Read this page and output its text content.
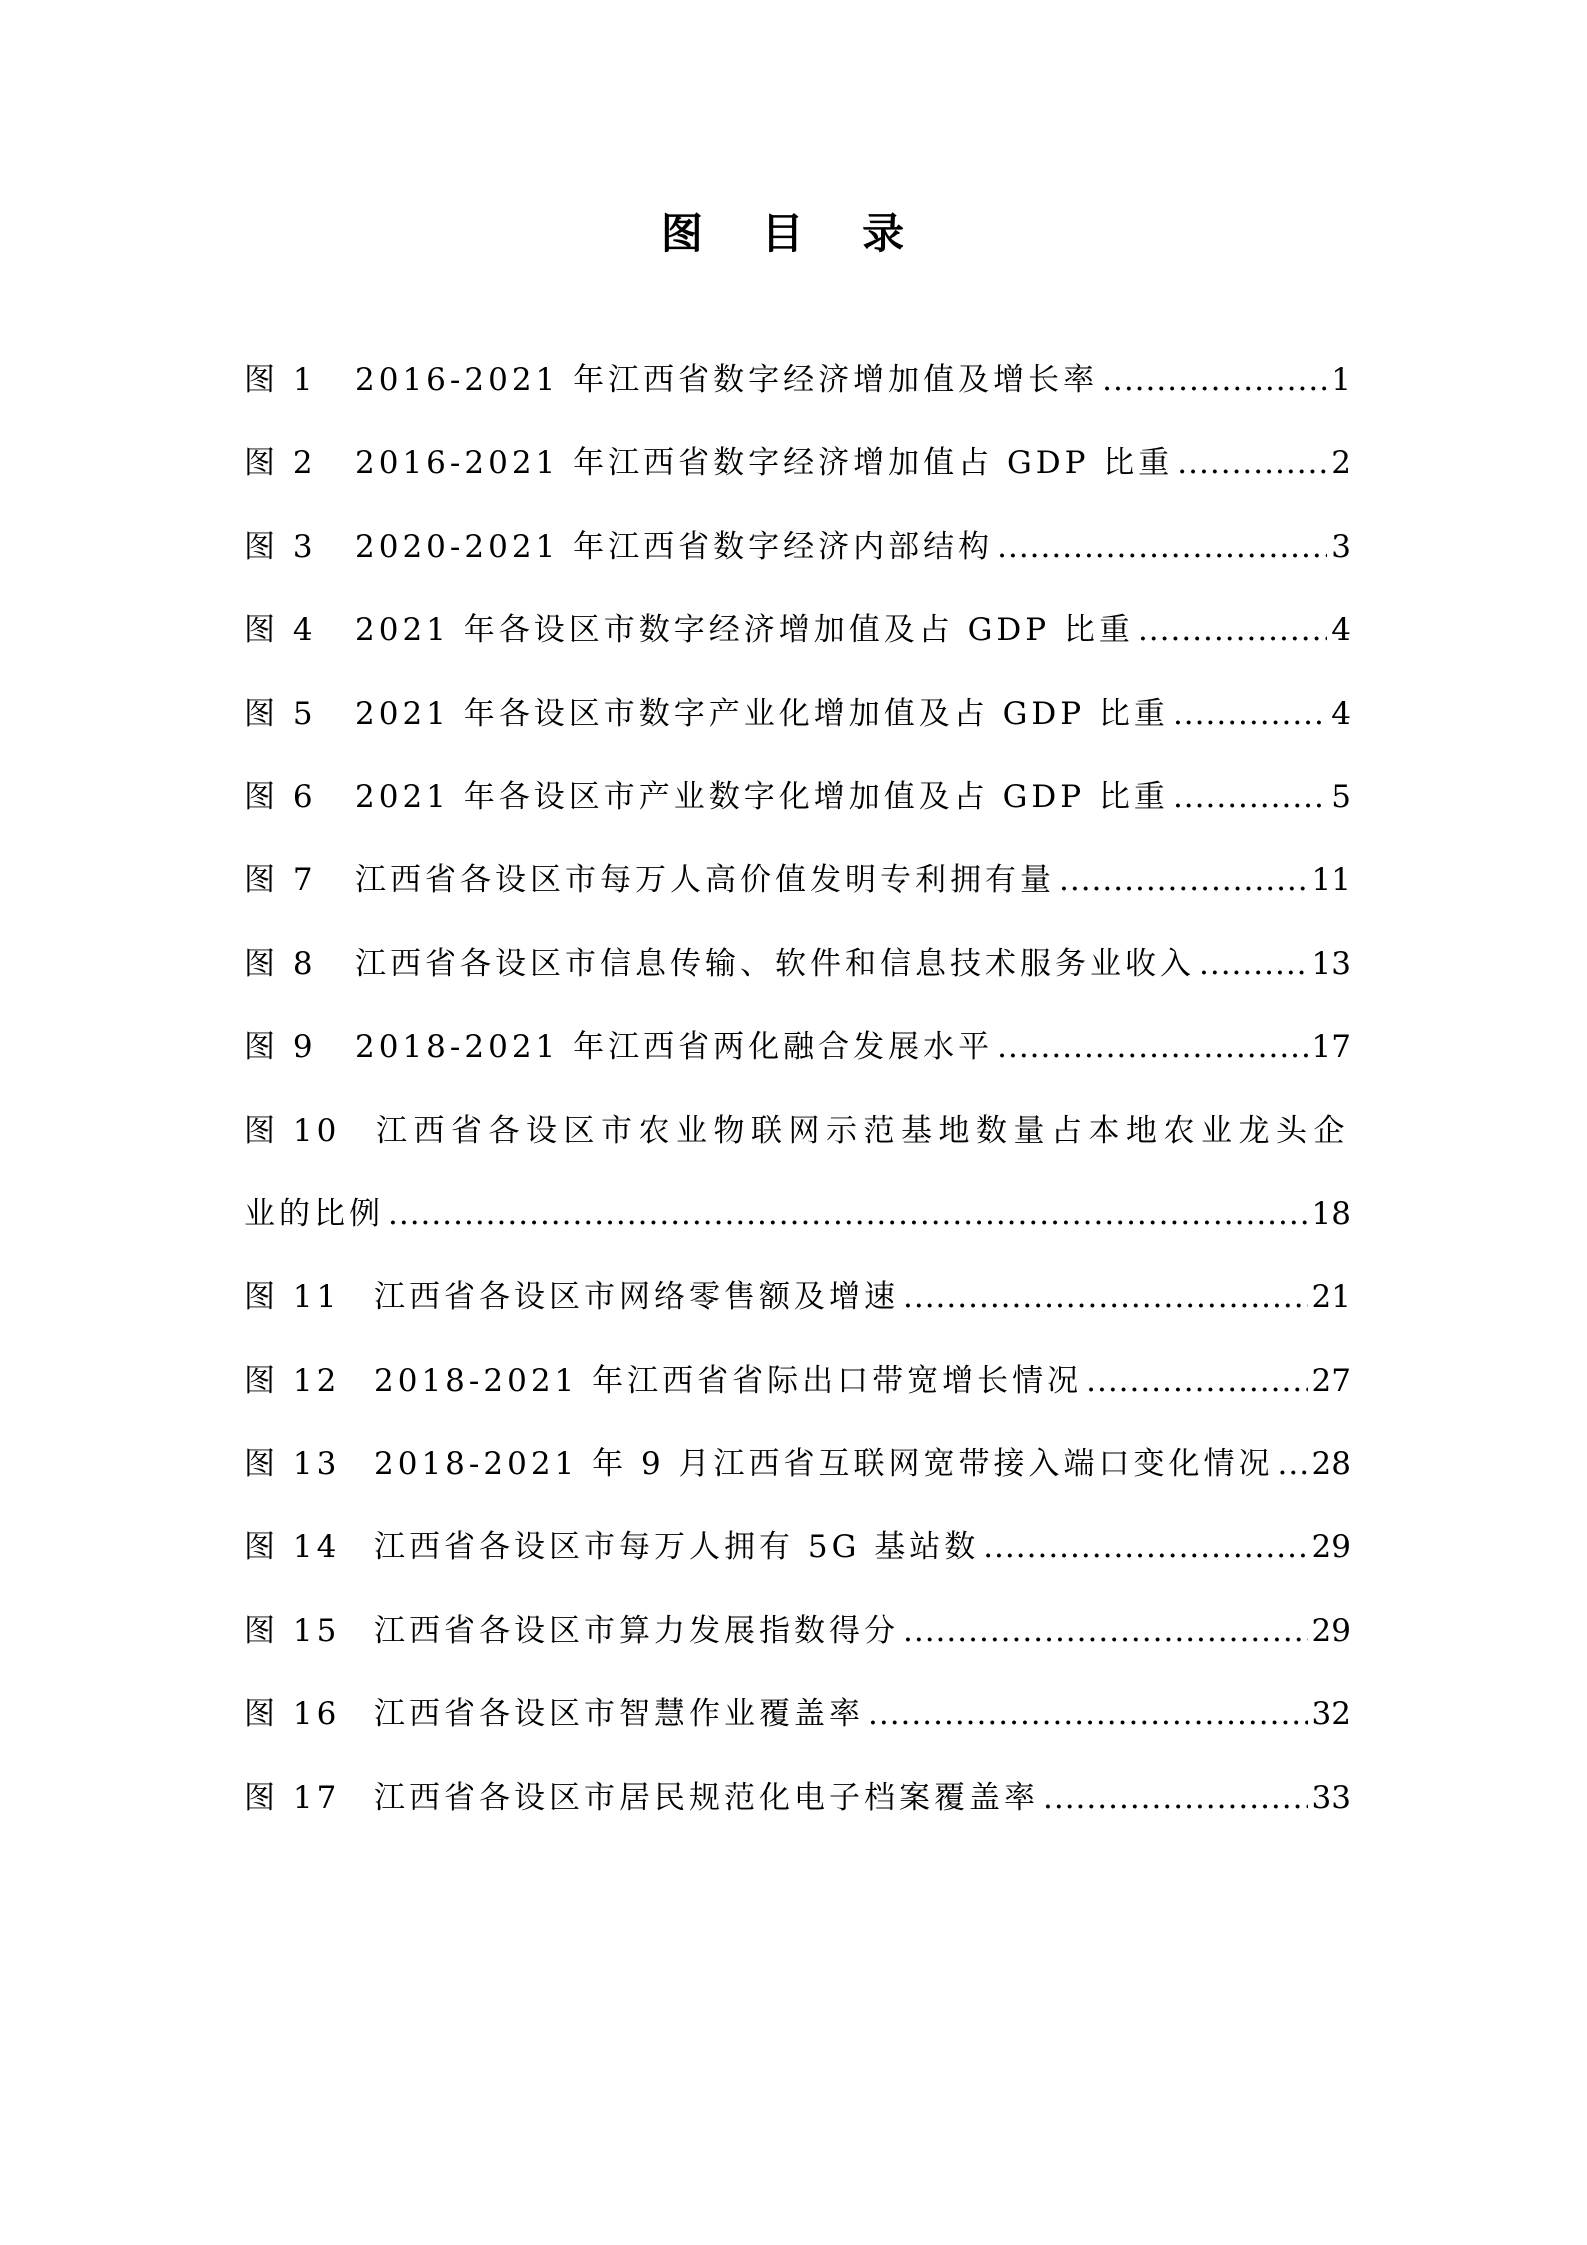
图 目 录
图 1	2016-2021 年江西省数字经济增加值及增长率 .....	1
图 2	2016-2021 年江西省数字经济增加值占 GDP 比重 .....	2
图 3	2020-2021 年江西省数字经济内部结构 .....	3
图 4	2021 年各设区市数字经济增加值及占 GDP 比重 .....	4
图 5	2021 年各设区市数字产业化增加值及占 GDP 比重 .....	4
图 6	2021 年各设区市产业数字化增加值及占 GDP 比重 .....	5
图 7	江西省各设区市每万人高价值发明专利拥有量 .....	11
图 8	江西省各设区市信息传输、软件和信息技术服务业收入 .....	13
图 9	2018-2021 年江西省两化融合发展水平 .....	17
图 10	江西省各设区市农业物联网示范基地数量占本地农业龙头企
业的比例 .....	18
图 11	江西省各设区市网络零售额及增速 .....	21
图 12	2018-2021 年江西省省际出口带宽增长情况 .....	27
图 13	2018-2021 年 9 月江西省互联网宽带接入端口变化情况 ..... 28
图 14	江西省各设区市每万人拥有 5G 基站数 .....	29
图 15	江西省各设区市算力发展指数得分 .....	29
图 16	江西省各设区市智慧作业覆盖率 .....	32
图 17	江西省各设区市居民规范化电子档案覆盖率 .....	33
